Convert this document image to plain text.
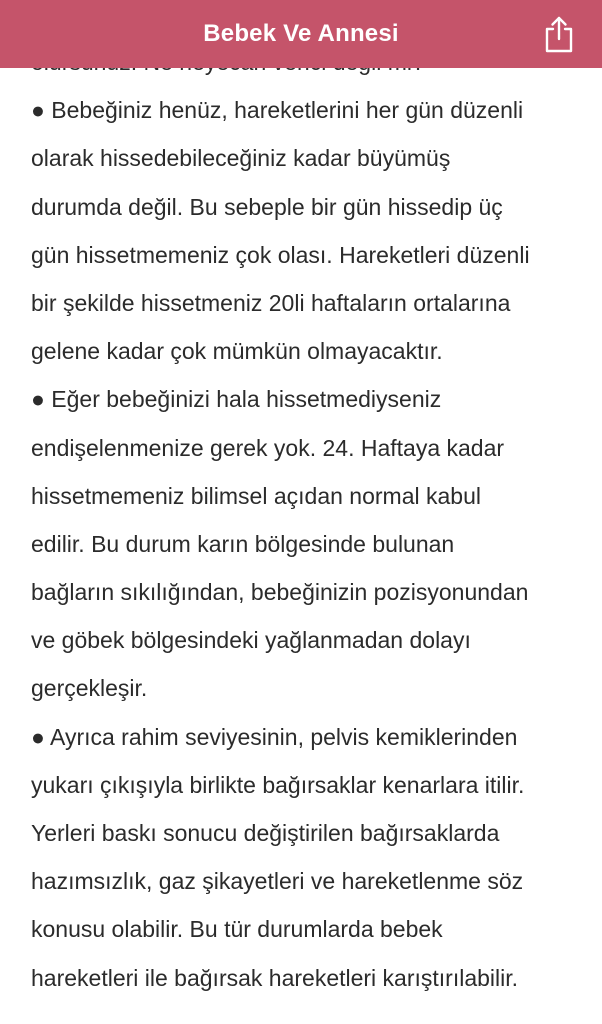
● Bebeğiniz henüz, hareketlerini her gün düzenli
olarak hissedebileceğiniz kadar büyümüş
durumda değil. Bu sebeple bir gün hissedip üç
gün hissetmemeniz çok olası. Hareketleri düzenli
bir şekilde hissetmeniz 20li haftaların ortalarına
gelene kadar çok mümkün olmayacaktır.
● Eğer bebeğinizi hala hissetmediyseniz
endişelenmenize gerek yok. 24. Haftaya kadar
hissetmemeniz bilimsel açıdan normal kabul
edilir. Bu durum karın bölgesinde bulunan
bağların sıkılığından, bebeğinizin pozisyonundan
ve göbek bölgesindeki yağlanmadan dolayı
gerçekleşir.
● Ayrıca rahim seviyesinin, pelvis kemiklerinden
yukarı çıkışıyla birlikte bağırsaklar kenarlara itilir.
Yerleri baskı sonucu değiştirilen bağırsaklarda
hazımsızlık, gaz şikayetleri ve hareketlenme söz
konusu olabilir. Bu tür durumlarda bebek
hareketleri ile bağırsak hareketleri karıştırılabilir.
Bebek Ve Annesi
